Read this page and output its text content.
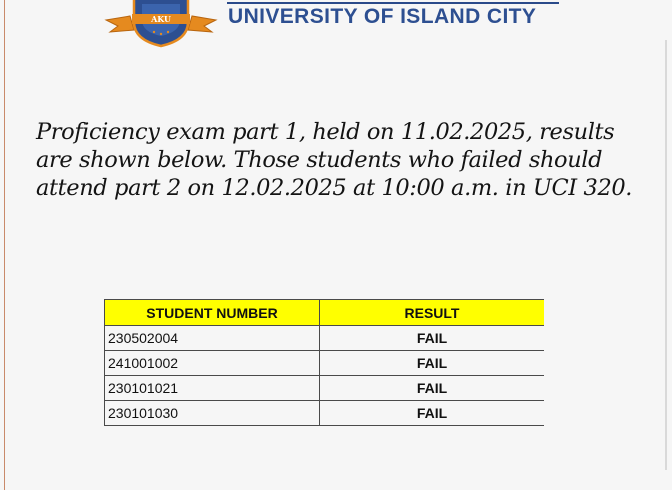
AKU	UNIVERSITY OF ISLAND CITY
Proficiency exam part 1, held on 11.02.2025, results
are shown below. Those students who failed should
attend part 2 on 12.02.2025 at 10:00 a.m. in UCI 320.
STUDENT NUMBER	RESULT
230502004	FAIL
241001002	FAIL
230101021	FAIL
230101030	FAIL
